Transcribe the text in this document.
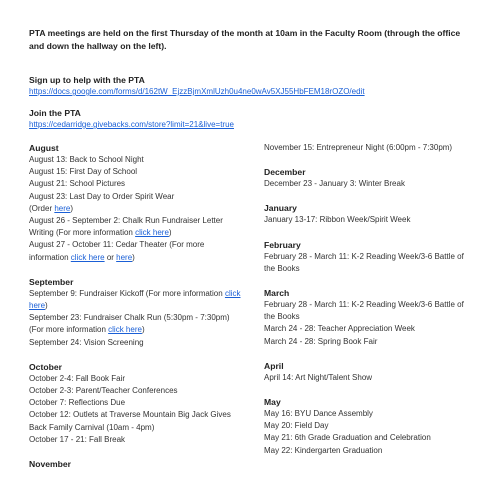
PTA meetings are held on the first Thursday of the month at 10am in the Faculty Room (through the office and down the hallway on the left).

Sign up to help with the PTA

https://docs.google.com/forms/d/162tW_EjzzBjmXmlUzh0u4ne0wAv5XJ55HbFEM18rOZO/edit

Join the PTA

https://cedarridge.givebacks.com/store?limit=21&live=true

August

August 13: Back to School Night

August 15: First Day of School

August 21: School Pictures

August 23: Last Day to Order Spirit Wear
(Order here)

August 26 - September 2: Chalk Run Fundraiser Letter Writing (For more information click here)

August 27 - October 11: Cedar Theater (For more information click here or here)

September

September 9: Fundraiser Kickoff (For more information click here)

September 23: Fundraiser Chalk Run (5:30pm - 7:30pm) (For more information click here)

September 24: Vision Screening

October

October 2-4: Fall Book Fair

October 2-3: Parent/Teacher Conferences

October 7: Reflections Due

October 12: Outlets at Traverse Mountain Big Jack Gives Back Family Carnival (10am - 4pm)

October 17 - 21: Fall Break

November

November 15: Entrepreneur Night (6:00pm - 7:30pm)

December

December 23 - January 3: Winter Break

January

January 13-17: Ribbon Week/Spirit Week

February

February 28 - March 11: K-2 Reading Week/3-6 Battle of the Books

March

February 28 - March 11: K-2 Reading Week/3-6 Battle of the Books

March 24 - 28: Teacher Appreciation Week

March 24 - 28: Spring Book Fair

April

April 14: Art Night/Talent Show

May

May 16: BYU Dance Assembly

May 20: Field Day

May 21: 6th Grade Graduation and Celebration

May 22: Kindergarten Graduation
